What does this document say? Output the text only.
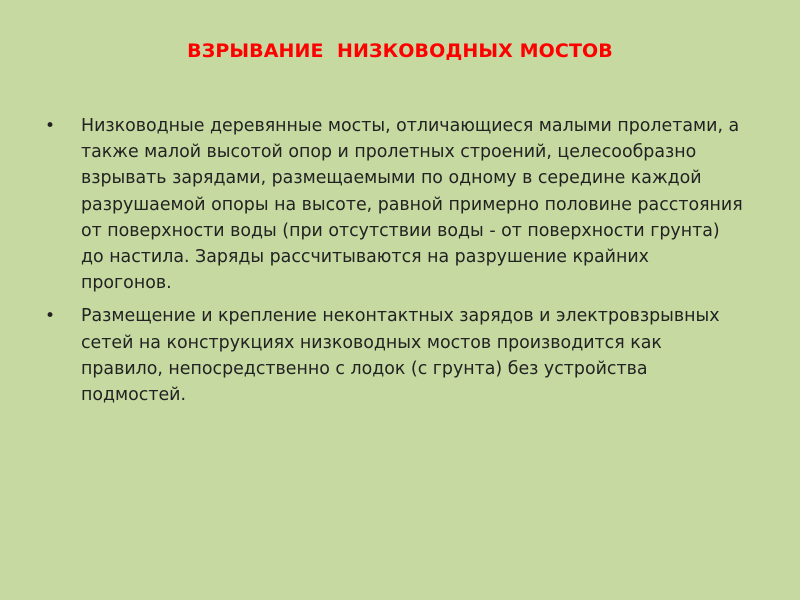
ВЗРЫВАНИЕ  НИЗКОВОДНЫХ МОСТОВ
• Низководные деревянные мосты, отличающиеся малыми пролетами, а также малой высотой опор и пролетных строений, целесообразно взрывать зарядами, размещаемыми по одному в середине каждой разрушаемой опоры на высоте, равной примерно половине расстояния от поверхности воды (при отсутствии воды - от поверхности грунта) до настила. Заряды рассчитываются на разрушение крайних прогонов.
• Размещение и крепление неконтактных зарядов и электровзрывных сетей на конструкциях низководных мостов производится как правило, непосредственно с лодок (с грунта) без устройства подмостей.
